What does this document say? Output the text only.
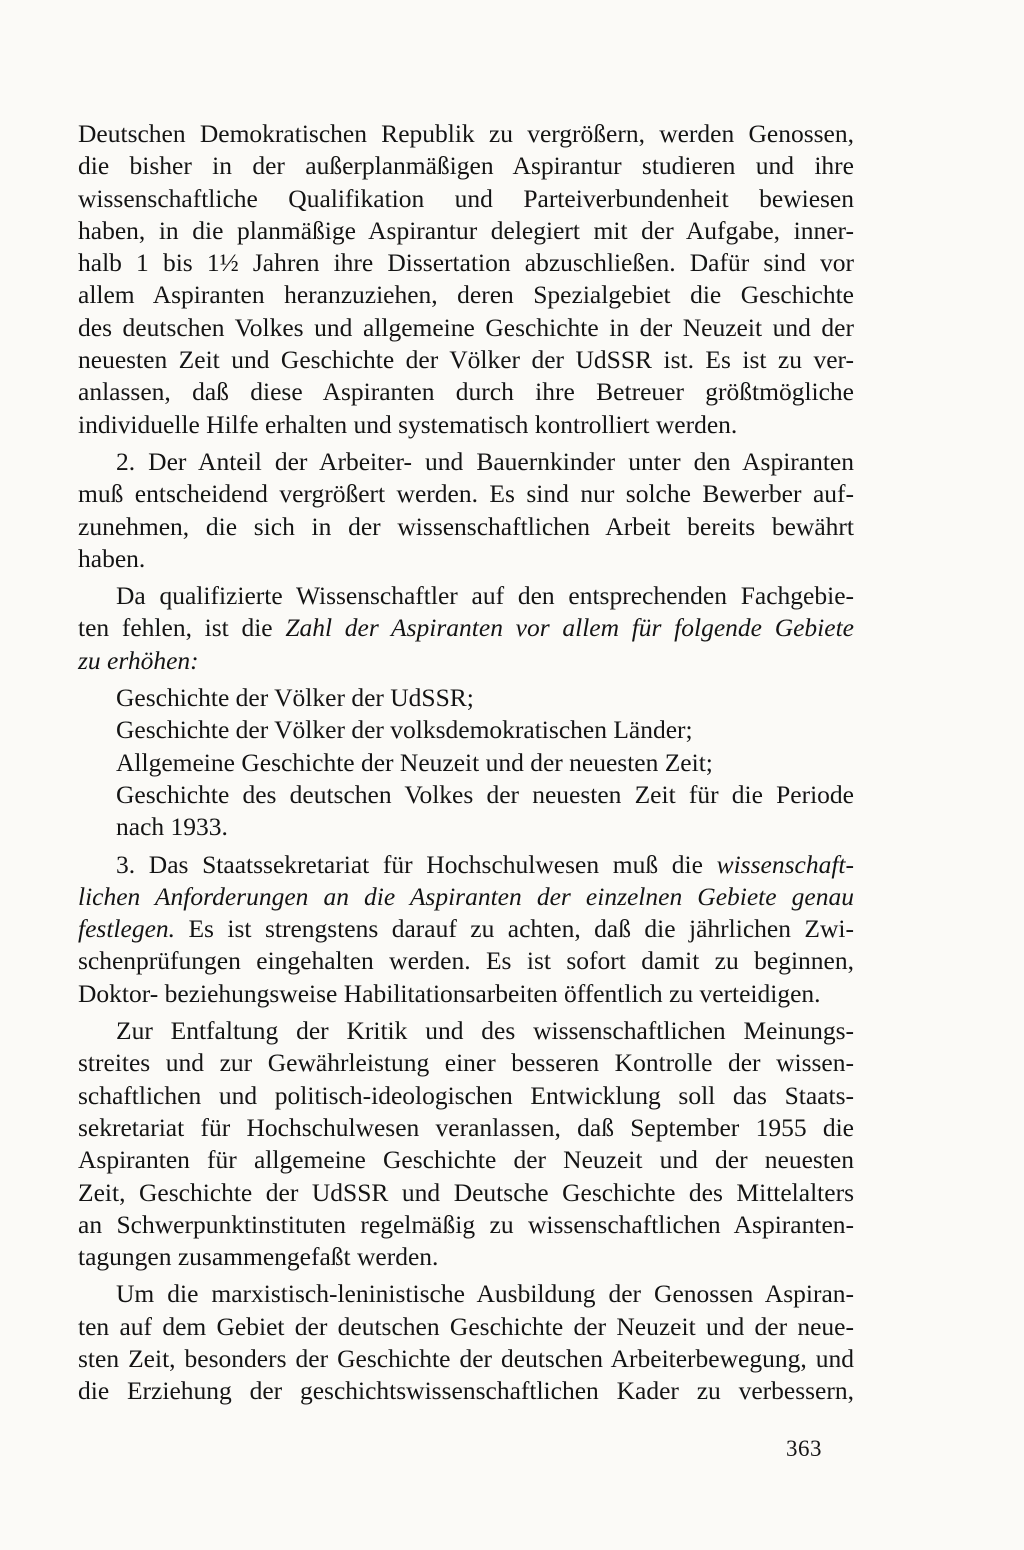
Deutschen Demokratischen Republik zu vergrößern, werden Genossen,
die bisher in der außerplanmäßigen Aspirantur studieren und ihre
wissenschaftliche Qualifikation und Parteiverbundenheit bewiesen
haben, in die planmäßige Aspirantur delegiert mit der Aufgabe, inner-
halb 1 bis 1½ Jahren ihre Dissertation abzuschließen. Dafür sind vor
allem Aspiranten heranzuziehen, deren Spezialgebiet die Geschichte
des deutschen Volkes und allgemeine Geschichte in der Neuzeit und der
neuesten Zeit und Geschichte der Völker der UdSSR ist. Es ist zu ver-
anlassen, daß diese Aspiranten durch ihre Betreuer größtmögliche
individuelle Hilfe erhalten und systematisch kontrolliert werden.
2. Der Anteil der Arbeiter- und Bauernkinder unter den Aspiranten
muß entscheidend vergrößert werden. Es sind nur solche Bewerber auf-
zunehmen, die sich in der wissenschaftlichen Arbeit bereits bewährt
haben.
Da qualifizierte Wissenschaftler auf den entsprechenden Fachgebie-
ten fehlen, ist die Zahl der Aspiranten vor allem für folgende Gebiete
zu erhöhen:
Geschichte der Völker der UdSSR;
Geschichte der Völker der volksdemokratischen Länder;
Allgemeine Geschichte der Neuzeit und der neuesten Zeit;
Geschichte des deutschen Volkes der neuesten Zeit für die Periode
nach 1933.
3. Das Staatssekretariat für Hochschulwesen muß die wissenschaft-
lichen Anforderungen an die Aspiranten der einzelnen Gebiete genau
festlegen. Es ist strengstens darauf zu achten, daß die jährlichen Zwi-
schenprüfungen eingehalten werden. Es ist sofort damit zu beginnen,
Doktor- beziehungsweise Habilitationsarbeiten öffentlich zu verteidigen.
Zur Entfaltung der Kritik und des wissenschaftlichen Meinungs-
streites und zur Gewährleistung einer besseren Kontrolle der wissen-
schaftlichen und politisch-ideologischen Entwicklung soll das Staats-
sekretariat für Hochschulwesen veranlassen, daß September 1955 die
Aspiranten für allgemeine Geschichte der Neuzeit und der neuesten
Zeit, Geschichte der UdSSR und Deutsche Geschichte des Mittelalters
an Schwerpunktinstituten regelmäßig zu wissenschaftlichen Aspiranten-
tagungen zusammengefaßt werden.
Um die marxistisch-leninistische Ausbildung der Genossen Aspiran-
ten auf dem Gebiet der deutschen Geschichte der Neuzeit und der neue-
sten Zeit, besonders der Geschichte der deutschen Arbeiterbewegung, und
die Erziehung der geschichtswissenschaftlichen Kader zu verbessern,
363
